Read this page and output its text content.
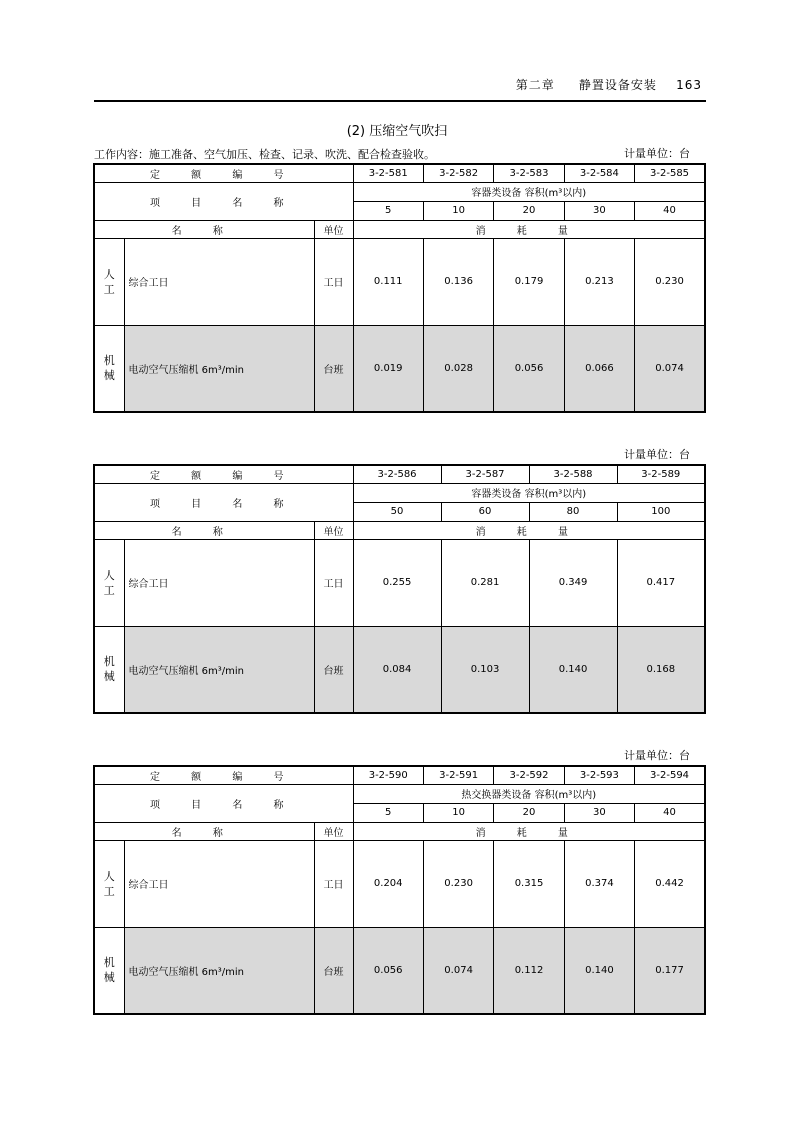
第二章 静置设备安装 163
(2) 压缩空气吹扫
工作内容：施工准备、空气加压、检查、记录、吹洗、配合检查验收。	计量单位：台
定 额 编 号			3-2-581	3-2-582	3-2-583	3-2-584	3-2-585
项 目 名 称			容器类设备 容积(m³以内)				
			5	10	20	30	40
名 称		单位	消 耗 量				
人工	综合工日	工日	0.111	0.136	0.179	0.213	0.230
机械	电动空气压缩机 6m³/min	台班	0.019	0.028	0.056	0.066	0.074
计量单位：台
定 额 编 号			3-2-586	3-2-587	3-2-588	3-2-589
项 目 名 称			容器类设备 容积(m³以内)			
			50	60	80	100
名 称		单位	消 耗 量			
人工	综合工日	工日	0.255	0.281	0.349	0.417
机械	电动空气压缩机 6m³/min	台班	0.084	0.103	0.140	0.168
计量单位：台
定 额 编 号			3-2-590	3-2-591	3-2-592	3-2-593	3-2-594
项 目 名 称			热交换器类设备 容积(m³以内)				
			5	10	20	30	40
名 称		单位	消 耗 量				
人工	综合工日	工日	0.204	0.230	0.315	0.374	0.442
机械	电动空气压缩机 6m³/min	台班	0.056	0.074	0.112	0.140	0.177
